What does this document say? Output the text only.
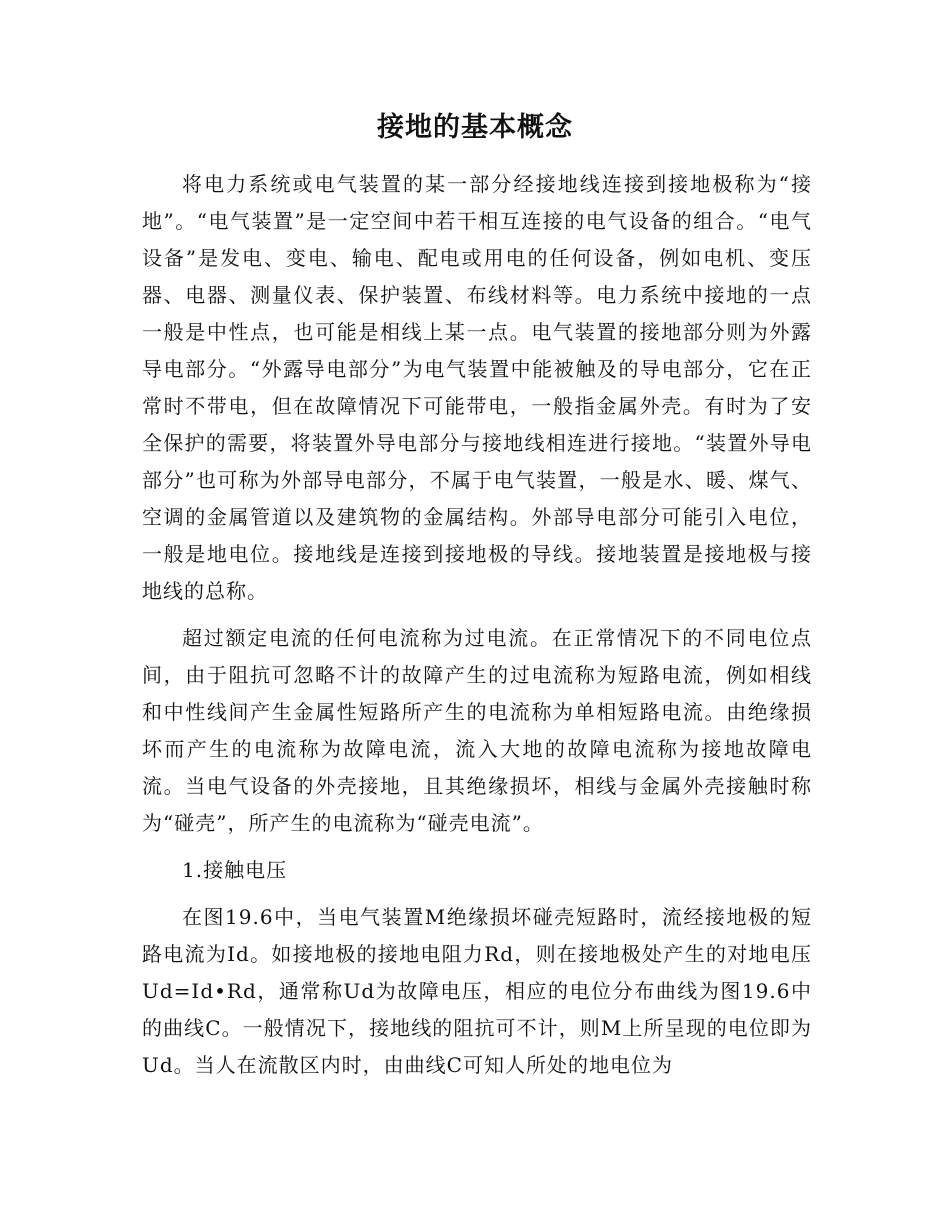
接地的基本概念

将电力系统或电气装置的某一部分经接地线连接到接地极称为“接地”。“电气装置”是一定空间中若干相互连接的电气设备的组合。“电气设备”是发电、变电、输电、配电或用电的任何设备，例如电机、变压器、电器、测量仪表、保护装置、布线材料等。电力系统中接地的一点一般是中性点，也可能是相线上某一点。电气装置的接地部分则为外露导电部分。“外露导电部分”为电气装置中能被触及的导电部分，它在正常时不带电，但在故障情况下可能带电，一般指金属外壳。有时为了安全保护的需要，将装置外导电部分与接地线相连进行接地。“装置外导电部分”也可称为外部导电部分，不属于电气装置，一般是水、暖、煤气、空调的金属管道以及建筑物的金属结构。外部导电部分可能引入电位，一般是地电位。接地线是连接到接地极的导线。接地装置是接地极与接地线的总称。

超过额定电流的任何电流称为过电流。在正常情况下的不同电位点间，由于阻抗可忽略不计的故障产生的过电流称为短路电流，例如相线和中性线间产生金属性短路所产生的电流称为单相短路电流。由绝缘损坏而产生的电流称为故障电流，流入大地的故障电流称为接地故障电流。当电气设备的外壳接地，且其绝缘损坏，相线与金属外壳接触时称为“碰壳”，所产生的电流称为“碰壳电流”。

1.接触电压

在图19.6中，当电气装置M绝缘损坏碰壳短路时，流经接地极的短路电流为Id。如接地极的接地电阻力Rd，则在接地极处产生的对地电压Ud=Id•Rd，通常称Ud为故障电压，相应的电位分布曲线为图19.6中的曲线C。一般情况下，接地线的阻抗可不计，则M上所呈现的电位即为Ud。当人在流散区内时，由曲线C可知人所处的地电位为
